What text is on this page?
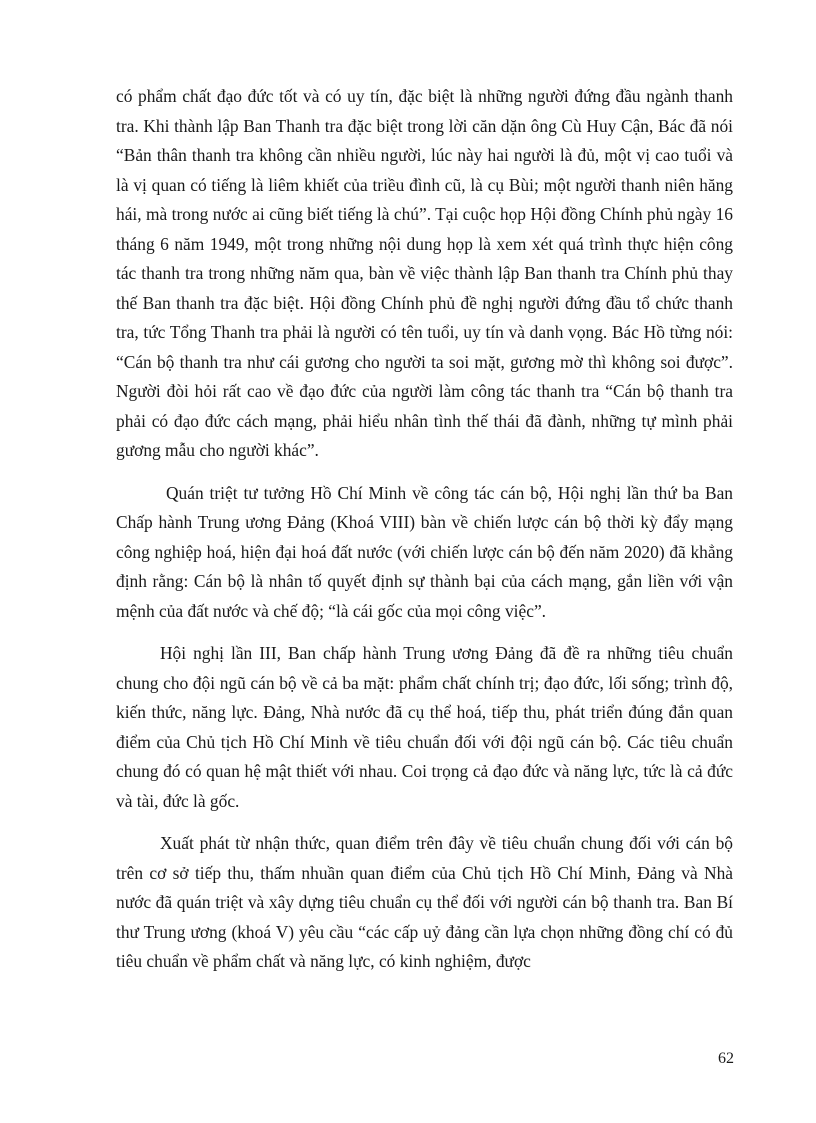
có phẩm chất đạo đức tốt và có uy tín, đặc biệt là những người đứng đầu ngành thanh tra. Khi thành lập Ban Thanh tra đặc biệt trong lời căn dặn ông Cù Huy Cận, Bác đã nói “Bản thân thanh tra không cần nhiều người, lúc này hai người là đủ, một vị cao tuổi và là vị quan có tiếng là liêm khiết của triều đình cũ, là cụ Bùi; một người thanh niên hăng hái, mà trong nước ai cũng biết tiếng là chú”. Tại cuộc họp Hội đồng Chính phủ ngày 16 tháng 6 năm 1949, một trong những nội dung họp là xem xét quá trình thực hiện công tác thanh tra trong những năm qua, bàn về việc thành lập Ban thanh tra Chính phủ thay thế Ban thanh tra đặc biệt. Hội đồng Chính phủ đề nghị người đứng đầu tổ chức thanh tra, tức Tổng Thanh tra phải là người có tên tuổi, uy tín và danh vọng. Bác Hồ từng nói: “Cán bộ thanh tra như cái gương cho người ta soi mặt, gương mờ thì không soi được”. Người đòi hỏi rất cao về đạo đức của người làm công tác thanh tra “Cán bộ thanh tra phải có đạo đức cách mạng, phải hiểu nhân tình thế thái đã đành, những tự mình phải gương mẫu cho người khác”.

Quán triệt tư tưởng Hồ Chí Minh về công tác cán bộ, Hội nghị lần thứ ba Ban Chấp hành Trung ương Đảng (Khoá VIII) bàn về chiến lược cán bộ thời kỳ đẩy mạng công nghiệp hoá, hiện đại hoá đất nước (với chiến lược cán bộ đến năm 2020) đã khẳng định rằng: Cán bộ là nhân tố quyết định sự thành bại của cách mạng, gắn liền với vận mệnh của đất nước và chế độ; “là cái gốc của mọi công việc”.

Hội nghị lần III, Ban chấp hành Trung ương Đảng đã đề ra những tiêu chuẩn chung cho đội ngũ cán bộ về cả ba mặt: phẩm chất chính trị; đạo đức, lối sống; trình độ, kiến thức, năng lực. Đảng, Nhà nước đã cụ thể hoá, tiếp thu, phát triển đúng đắn quan điểm của Chủ tịch Hồ Chí Minh về tiêu chuẩn đối với đội ngũ cán bộ. Các tiêu chuẩn chung đó có quan hệ mật thiết với nhau. Coi trọng cả đạo đức và năng lực, tức là cả đức và tài, đức là gốc.

Xuất phát từ nhận thức, quan điểm trên đây về tiêu chuẩn chung đối với cán bộ trên cơ sở tiếp thu, thấm nhuần quan điểm của Chủ tịch Hồ Chí Minh, Đảng và Nhà nước đã quán triệt và xây dựng tiêu chuẩn cụ thể đối với người cán bộ thanh tra. Ban Bí thư Trung ương (khoá V) yêu cầu “các cấp uỷ đảng cần lựa chọn những đồng chí có đủ tiêu chuẩn về phẩm chất và năng lực, có kinh nghiệm, được

62
